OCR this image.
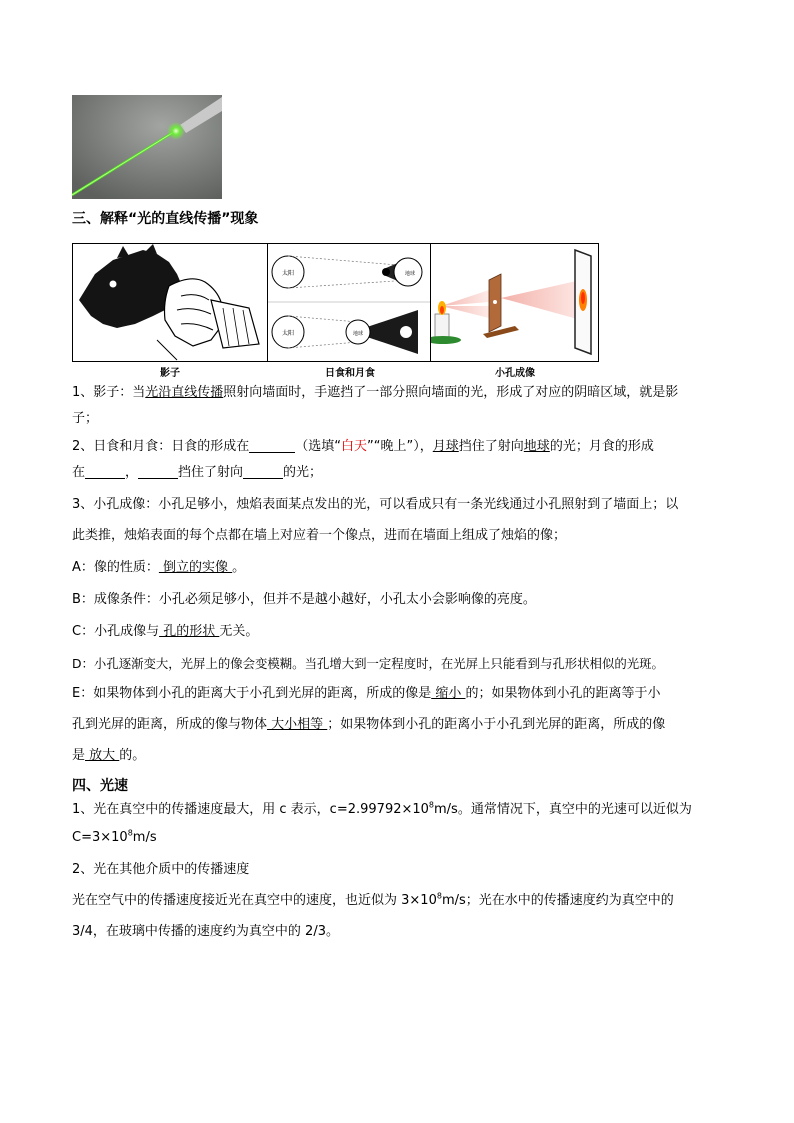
三、解释“光的直线传播”现象
太阳	地球
太阳	地球
影子	日食和月食	小孔成像
1、影子：当光沿直线传播照射向墙面时，手遮挡了一部分照向墙面的光，形成了对应的阴暗区域，就是影
子；
2、日食和月食：日食的形成在	（选填“白天”“晚上”），月球挡住了射向地球的光；月食的形成
在	，	挡住了射向	的光；
3、小孔成像：小孔足够小，烛焰表面某点发出的光，可以看成只有一条光线通过小孔照射到了墙面上；以
此类推，烛焰表面的每个点都在墙上对应着一个像点，进而在墙面上组成了烛焰的像；
A：像的性质： 倒立的实像 。
B：成像条件：小孔必须足够小，但并不是越小越好，小孔太小会影响像的亮度。
C：小孔成像与 孔的形状 无关。
D：小孔逐渐变大，光屏上的像会变模糊。当孔增大到一定程度时，在光屏上只能看到与孔形状相似的光斑。
E：如果物体到小孔的距离大于小孔到光屏的距离，所成的像是 缩小 的；如果物体到小孔的距离等于小
孔到光屏的距离，所成的像与物体 大小相等 ；如果物体到小孔的距离小于小孔到光屏的距离，所成的像
是 放大 的。
四、光速
1、光在真空中的传播速度最大，用 c 表示，$c=2.99792\times 10^8m/s$。通常情况下，真空中的光速可以近似为
$C=3\times 10^8m/s$
2、光在其他介质中的传播速度
光在空气中的传播速度接近光在真空中的速度，也近似为 $3\times 10^8m/s$；光在水中的传播速度约为真空中的
3/4，在玻璃中传播的速度约为真空中的 2/3。
